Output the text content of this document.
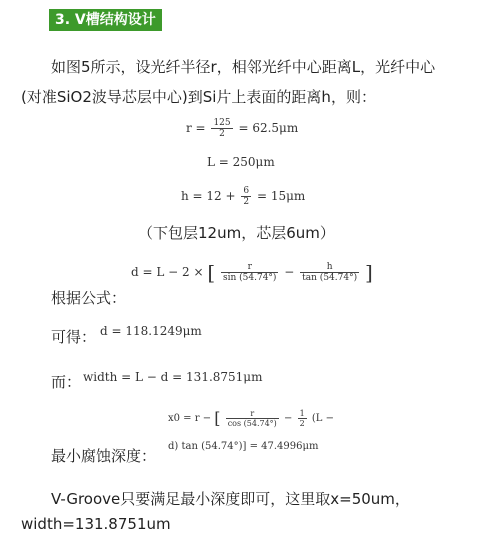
3. V槽结构设计
如图5所示，设光纤半径r，相邻光纤中心距离L，光纤中心
(对准SiO2波导芯层中心)到Si片上表面的距离h，则：
$r = \frac{125}{2} = 62.5\mu m$
L = 250μm
$h = 12 + \frac{6}{2} = 15\mu m$
（下包层12um，芯层6um）
d = L − 2 × [ $\frac{r}{\sin (54.74^\circ)} - \frac{h}{\tan (54.74^\circ)}$ ]
根据公式：
可得： d = 118.1249μm
而： width = L − d = 131.8751μm
x0 = r − [ $\frac{r}{\cos (54.74^\circ)} - \frac{1}{2} (L$ −
d) tan (54.74°)] = 47.4996μm
最小腐蚀深度：
V-Groove只要满足最小深度即可，这里取x=50um，
width=131.8751um
